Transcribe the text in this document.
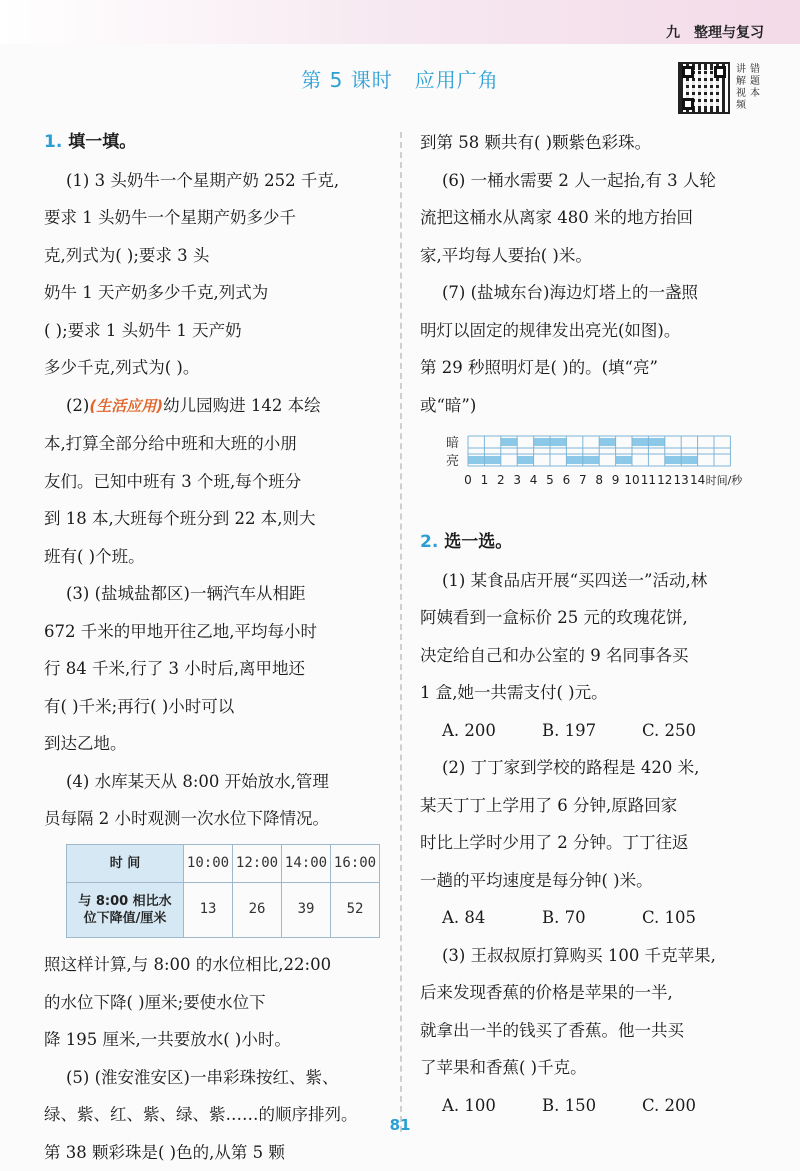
九 整理与复习
第 5 课时 应用广角	讲 错
解 题
视 本
频

1. 填一填。

(1) 3 头奶牛一个星期产奶 252 千克,

要求 1 头奶牛一个星期产奶多少千

克,列式为( );要求 3 头

奶牛 1 天产奶多少千克,列式为

( );要求 1 头奶牛 1 天产奶

多少千克,列式为( )。

(2)(生活应用)幼儿园购进 142 本绘

本,打算全部分给中班和大班的小朋

友们。已知中班有 3 个班,每个班分

到 18 本,大班每个班分到 22 本,则大

班有( )个班。

(3) (盐城盐都区)一辆汽车从相距

672 千米的甲地开往乙地,平均每小时

行 84 千米,行了 3 小时后,离甲地还

有( )千米;再行( )小时可以

到达乙地。

(4) 水库某天从 8:00 开始放水,管理

员每隔 2 小时观测一次水位下降情况。

时 间	10:00	12:00	14:00	16:00
与 8:00 相比水位下降值/厘米	13	26	39	52

照这样计算,与 8:00 的水位相比,22:00

的水位下降( )厘米;要使水位下

降 195 厘米,一共要放水( )小时。

(5) (淮安淮安区)一串彩珠按红、紫、

绿、紫、红、紫、绿、紫……的顺序排列。

第 38 颗彩珠是( )色的,从第 5 颗

到第 58 颗共有( )颗紫色彩珠。

(6) 一桶水需要 2 人一起抬,有 3 人轮

流把这桶水从离家 480 米的地方抬回

家,平均每人要抬( )米。

(7) (盐城东台)海边灯塔上的一盏照

明灯以固定的规律发出亮光(如图)。

第 29 秒照明灯是( )的。(填“亮”

或“暗”)

暗
亮
0 1 2 3 4 5 6 7 8 9 10 11 12 13 14 时间/秒

2. 选一选。

(1) 某食品店开展“买四送一”活动,林

阿姨看到一盒标价 25 元的玫瑰花饼,

决定给自己和办公室的 9 名同事各买

1 盒,她一共需支付( )元。

A. 200	B. 197	C. 250

(2) 丁丁家到学校的路程是 420 米,

某天丁丁上学用了 6 分钟,原路回家

时比上学时少用了 2 分钟。丁丁往返

一趟的平均速度是每分钟( )米。

A. 84	B. 70	C. 105

(3) 王叔叔原打算购买 100 千克苹果,

后来发现香蕉的价格是苹果的一半,

就拿出一半的钱买了香蕉。他一共买

了苹果和香蕉( )千克。

A. 100	B. 150	C. 200
81
